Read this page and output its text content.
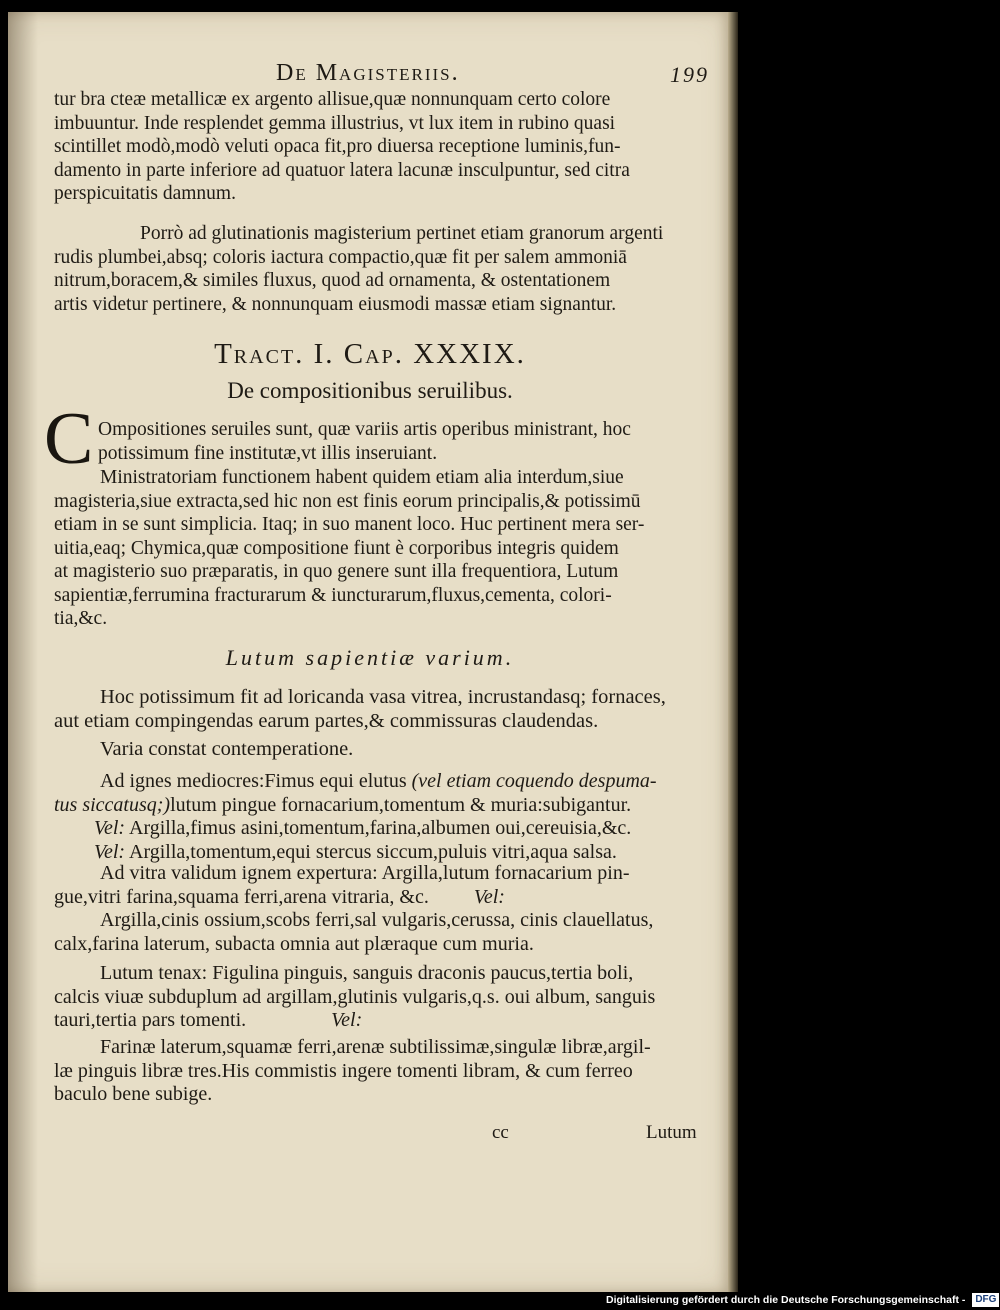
De Magisteriis.	199
tur bra cteæ metallicæ ex argento allisue,quæ nonnunquam certo colore
imbuuntur. Inde resplendet gemma illustrius, vt lux item in rubino quasi
scintillet modò,modò veluti opaca fit,pro diuersa receptione luminis,fun-
damento in parte inferiore ad quatuor latera lacunæ insculpuntur, sed citra
perspicuitatis damnum.
Porrò ad glutinationis magisterium pertinet etiam granorum argenti
rudis plumbei,absq; coloris iactura compactio,quæ fit per salem ammoniā
nitrum,boracem,& similes fluxus, quod ad ornamenta, & ostentationem
artis videtur pertinere, & nonnunquam eiusmodi massæ etiam signantur.
Tract. I. Cap. XXXIX.
De compositionibus seruilibus.
C Ompositiones seruiles sunt, quæ variis artis operibus ministrant, hoc
potissimum fine institutæ,vt illis inseruiant.
Ministratoriam functionem habent quidem etiam alia interdum,siue
magisteria,siue extracta,sed hic non est finis eorum principalis,& potissimū
etiam in se sunt simplicia. Itaq; in suo manent loco. Huc pertinent mera ser-
uitia,eaq; Chymica,quæ compositione fiunt è corporibus integris quidem
at magisterio suo præparatis, in quo genere sunt illa frequentiora, Lutum
sapientiæ,ferrumina fracturarum & iuncturarum,fluxus,cementa, colori-
tia,&c.
Lutum sapientiæ varium.
Hoc potissimum fit ad loricanda vasa vitrea, incrustandasq; fornaces,
aut etiam compingendas earum partes,& commissuras claudendas.
Varia constat contemperatione.
Ad ignes mediocres:Fimus equi elutus (vel etiam coquendo despuma-
tus siccatusq;)lutum pingue fornacarium,tomentum & muria:subigantur.
Vel: Argilla,fimus asini,tomentum,farina,albumen oui,cereuisia,&c.
Vel: Argilla,tomentum,equi stercus siccum,puluis vitri,aqua salsa.
Ad vitra validum ignem expertura: Argilla,lutum fornacarium pin-
gue,vitri farina,squama ferri,arena vitraria, &c. Vel:
Argilla,cinis ossium,scobs ferri,sal vulgaris,cerussa, cinis clauellatus,
calx,farina laterum, subacta omnia aut plæraque cum muria.
Lutum tenax: Figulina pinguis, sanguis draconis paucus,tertia boli,
calcis viuæ subduplum ad argillam,glutinis vulgaris,q.s. oui album, sanguis
tauri,tertia pars tomenti.	Vel:
Farinæ laterum,squamæ ferri,arenæ subtilissimæ,singulæ libræ,argil-
læ pinguis libræ tres.His commistis ingere tomenti libram, & cum ferreo
baculo bene subige.
cc	Lutum
Digitalisierung gefördert durch die Deutsche Forschungsgemeinschaft - DFG
